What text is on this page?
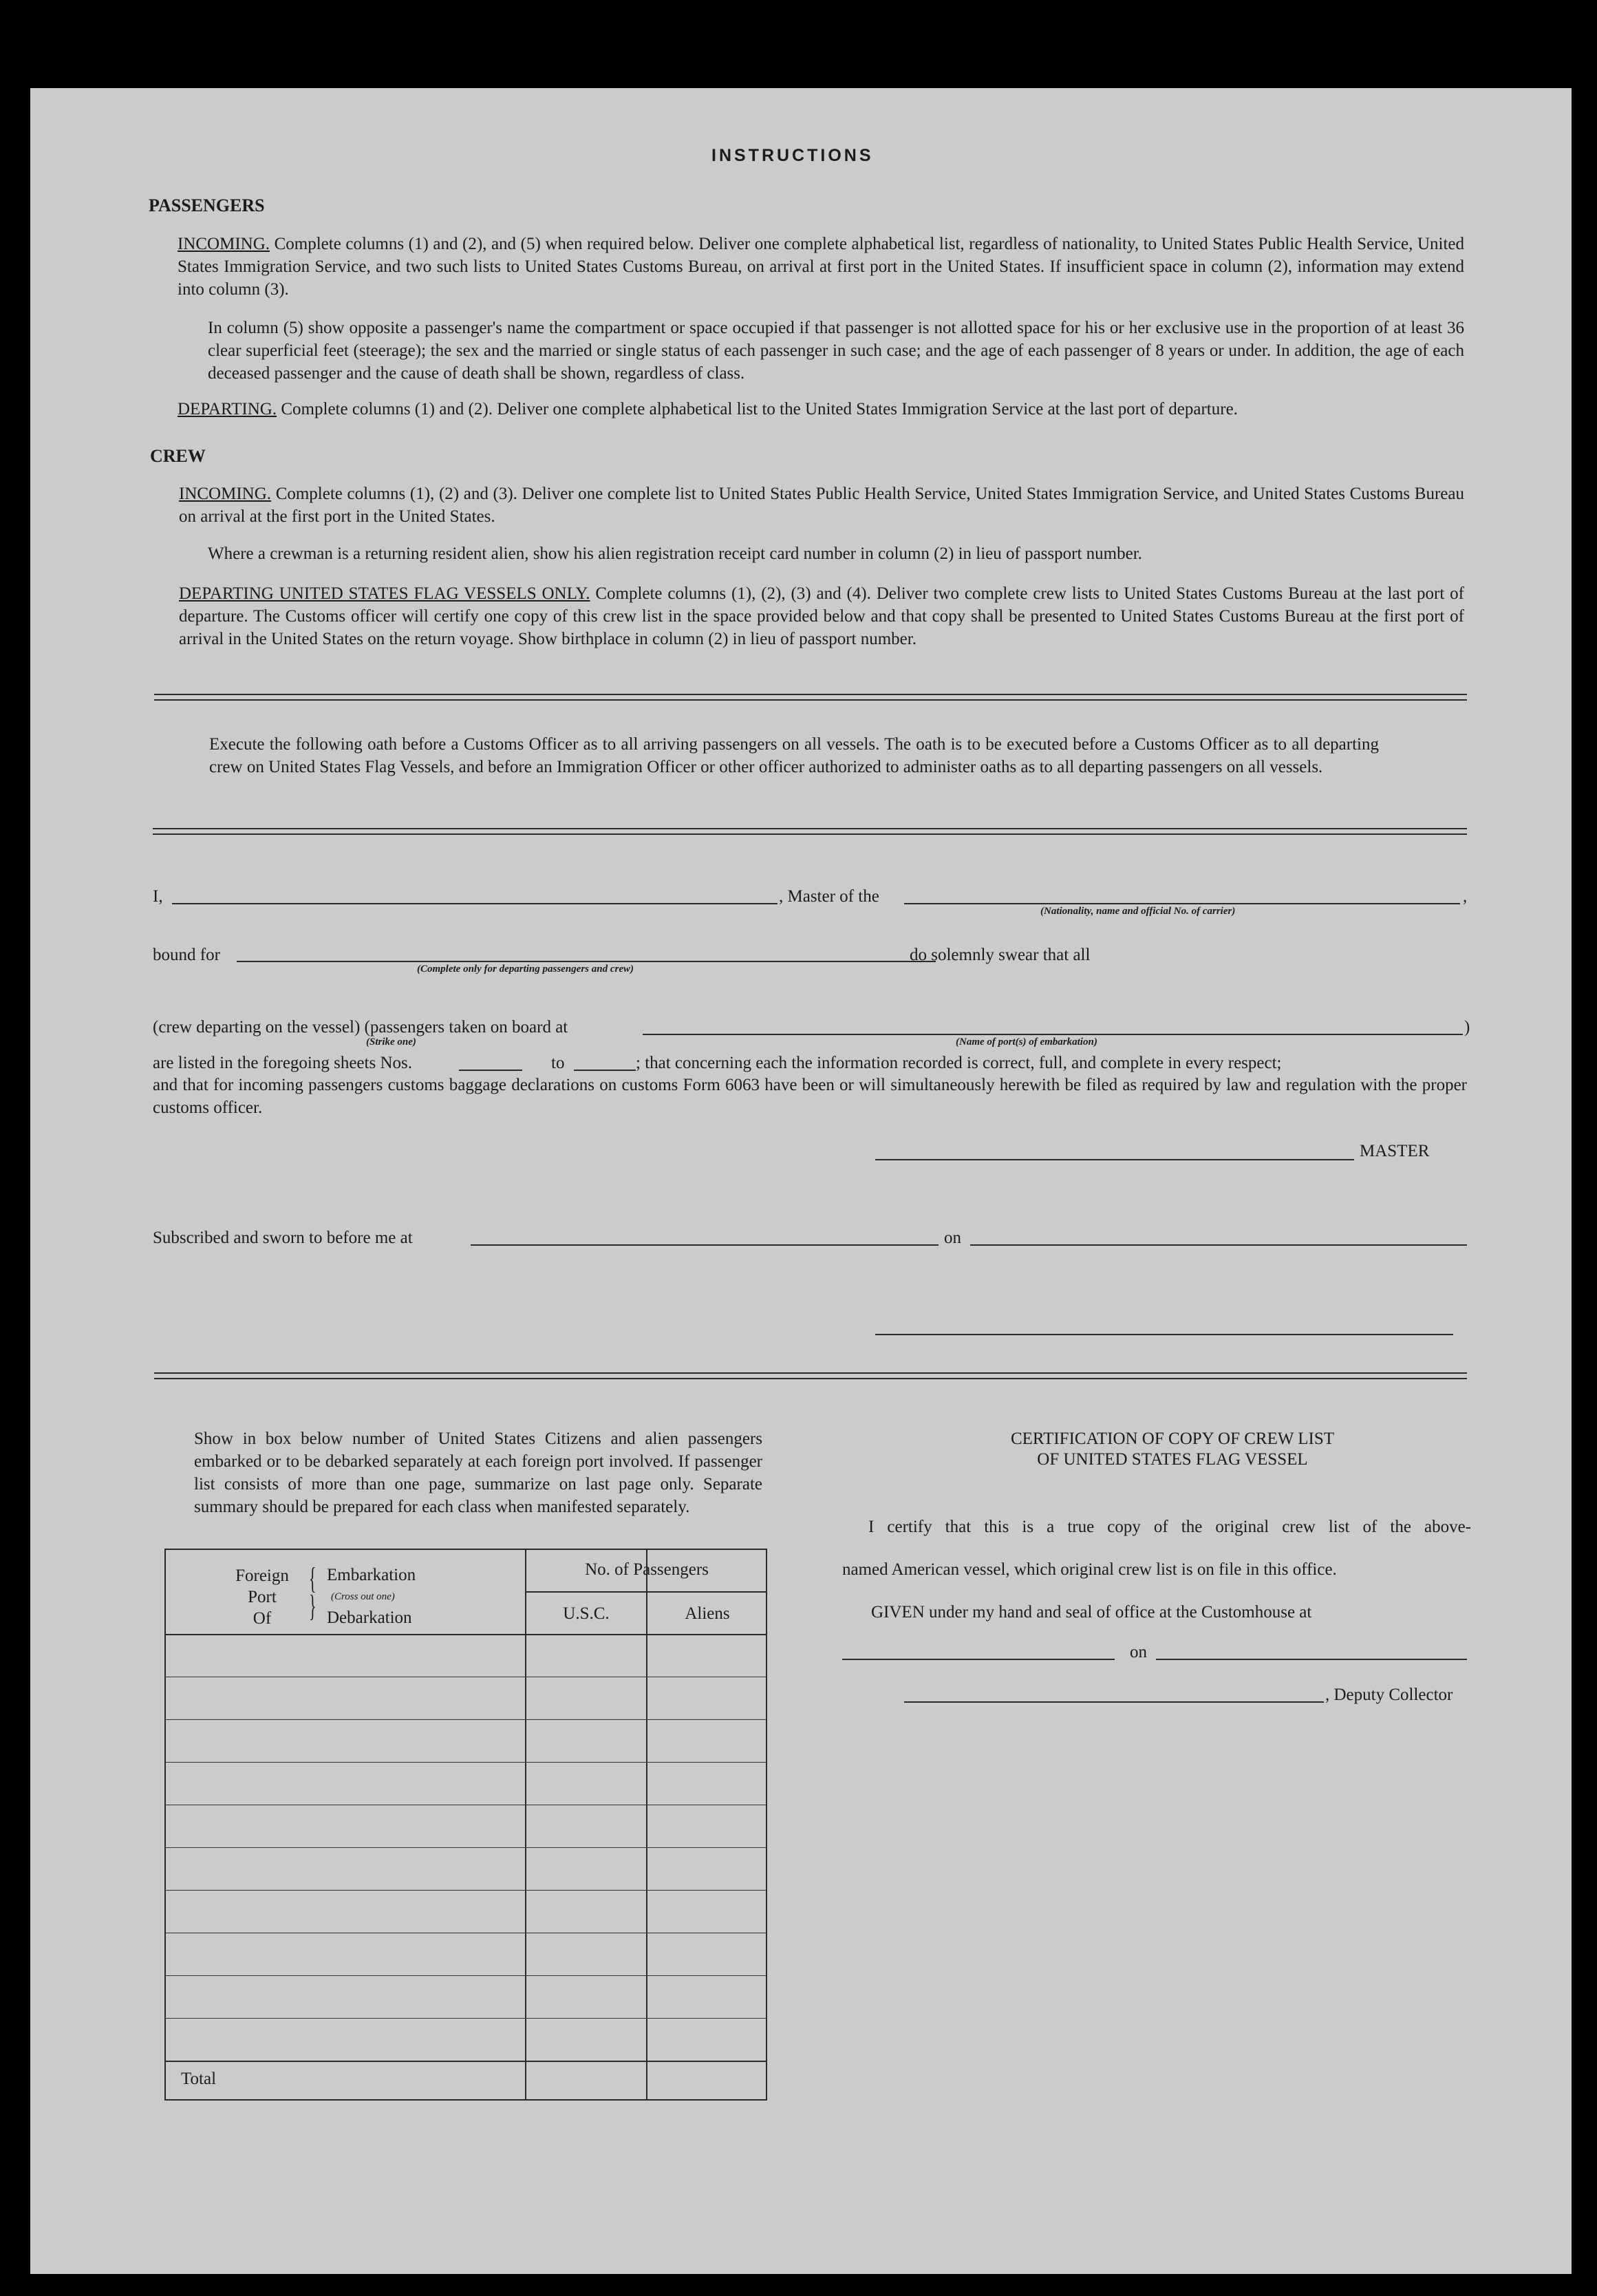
INSTRUCTIONS
PASSENGERS
INCOMING. Complete columns (1) and (2), and (5) when required below. Deliver one complete alphabetical list, regardless of nationality, to United States Public Health Service, United States Immigration Service, and two such lists to United States Customs Bureau, on arrival at first port in the United States. If insufficient space in column (2), information may extend into column (3).
In column (5) show opposite a passenger's name the compartment or space occupied if that passenger is not allotted space for his or her exclusive use in the proportion of at least 36 clear superficial feet (steerage); the sex and the married or single status of each passenger in such case; and the age of each passenger of 8 years or under. In addition, the age of each deceased passenger and the cause of death shall be shown, regardless of class.
DEPARTING. Complete columns (1) and (2). Deliver one complete alphabetical list to the United States Immigration Service at the last port of departure.
CREW
INCOMING. Complete columns (1), (2) and (3). Deliver one complete list to United States Public Health Service, United States Immigration Service, and United States Customs Bureau on arrival at the first port in the United States.
Where a crewman is a returning resident alien, show his alien registration receipt card number in column (2) in lieu of passport number.
DEPARTING UNITED STATES FLAG VESSELS ONLY. Complete columns (1), (2), (3) and (4). Deliver two complete crew lists to United States Customs Bureau at the last port of departure. The Customs officer will certify one copy of this crew list in the space provided below and that copy shall be presented to United States Customs Bureau at the first port of arrival in the United States on the return voyage. Show birthplace in column (2) in lieu of passport number.
Execute the following oath before a Customs Officer as to all arriving passengers on all vessels. The oath is to be executed before a Customs Officer as to all departing crew on United States Flag Vessels, and before an Immigration Officer or other officer authorized to administer oaths as to all departing passengers on all vessels.
I,	, Master of the	,
(Nationality, name and official No. of carrier)
bound for
(Complete only for departing passengers and crew)
do solemnly swear that all
(crew departing on the vessel) (passengers taken on board at
(Strike one)	(Name of port(s) of embarkation)
)
are listed in the foregoing sheets Nos.	to	; that concerning each the information recorded is correct, full, and complete in every respect;
and that for incoming passengers customs baggage declarations on customs Form 6063 have been or will simultaneously herewith be filed as required by law and regulation with the proper customs officer.
MASTER
Subscribed and sworn to before me at	on
Show in box below number of United States Citizens and alien passengers embarked or to be debarked separately at each foreign port involved. If passenger list consists of more than one page, summarize on last page only. Separate summary should be prepared for each class when manifested separately.
Foreign
Port
Of
{
}
Embarkation
(Cross out one)
Debarkation
No. of Passengers
U.S.C.	Aliens
Total
CERTIFICATION OF COPY OF CREW LIST
OF UNITED STATES FLAG VESSEL
I certify that this is a true copy of the original crew list of the above-
named American vessel, which original crew list is on file in this office.
GIVEN under my hand and seal of office at the Customhouse at
on
, Deputy Collector
